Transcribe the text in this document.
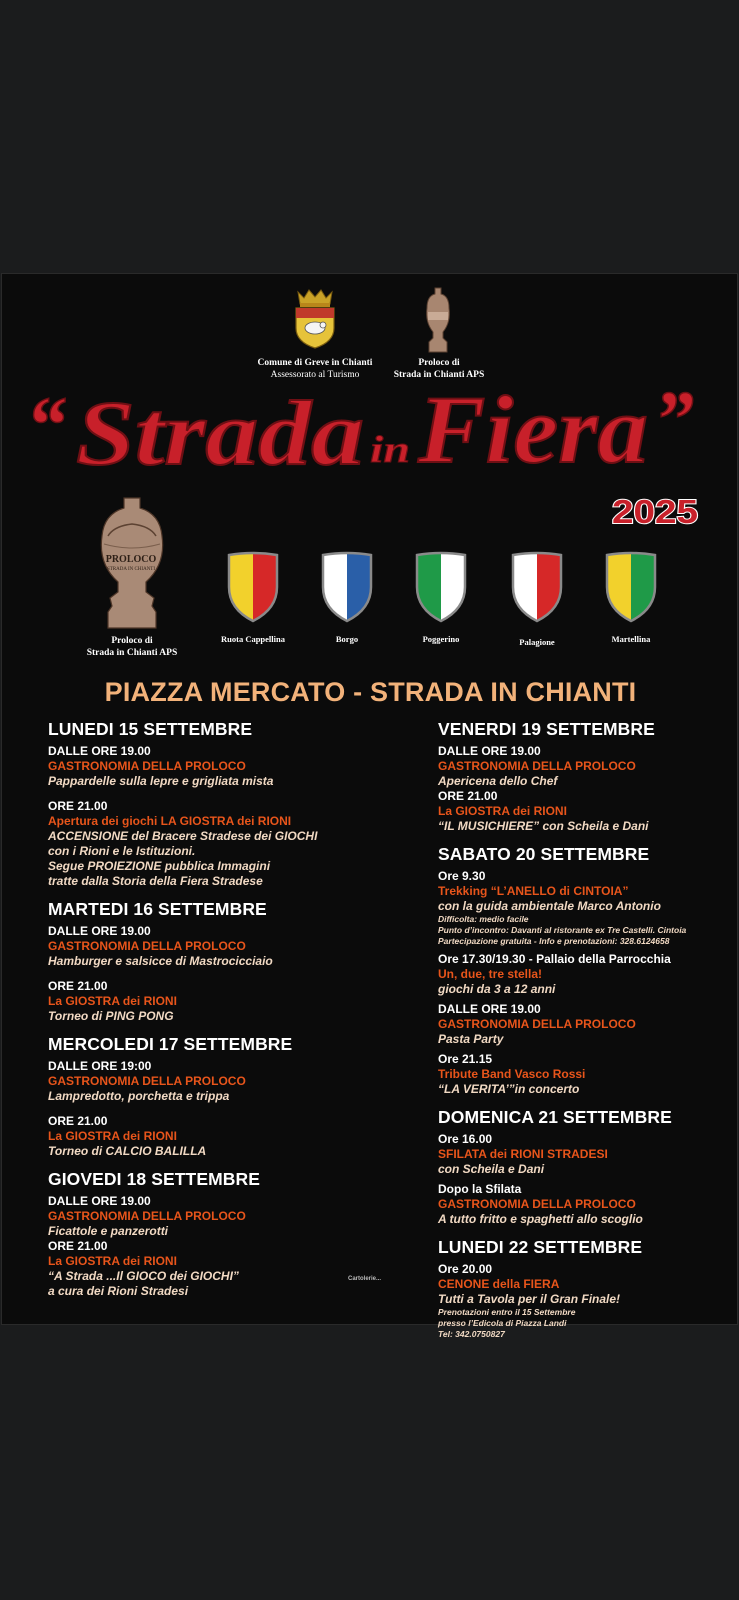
Comune di Greve in Chianti
Assessorato al Turismo
Proloco di
Strada in Chianti APS
“ Strada in Fiera ”
2025
PROLOCO
STRADA IN CHIANTI
Proloco di
Strada in Chianti APS
PIAZZA MERCATO - STRADA IN CHIANTI
LUNEDI 15 SETTEMBRE
DALLE ORE 19.00
GASTRONOMIA DELLA PROLOCO
Pappardelle sulla lepre e grigliata mista
ORE 21.00
Apertura dei giochi LA GIOSTRA dei RIONI
ACCENSIONE del Bracere Stradese dei GIOCHI
con i Rioni e le Istituzioni.
Segue PROIEZIONE pubblica Immagini
tratte dalla Storia della Fiera Stradese
MARTEDI 16 SETTEMBRE
DALLE ORE 19.00
GASTRONOMIA DELLA PROLOCO
Hamburger e salsicce di Mastrocicciaio
ORE 21.00
La GIOSTRA dei RIONI
Torneo di PING PONG
MERCOLEDI 17 SETTEMBRE
DALLE ORE 19:00
GASTRONOMIA DELLA PROLOCO
Lampredotto, porchetta e trippa
ORE 21.00
La GIOSTRA dei RIONI
Torneo di CALCIO BALILLA
GIOVEDI 18 SETTEMBRE
DALLE ORE 19.00
GASTRONOMIA DELLA PROLOCO
Ficattole e panzerotti
ORE 21.00
La GIOSTRA dei RIONI
“A Strada ...Il GIOCO dei GIOCHI”
a cura dei Rioni Stradesi
VENERDI 19 SETTEMBRE
DALLE ORE 19.00
GASTRONOMIA DELLA PROLOCO
Apericena dello Chef
ORE 21.00
La GIOSTRA dei RIONI
“IL MUSICHIERE” con Scheila e Dani
SABATO 20 SETTEMBRE
Ore 9.30
Trekking “L’ANELLO di CINTOIA”
con la guida ambientale Marco Antonio
Difficolta: medio facile
Punto d’incontro: Davanti al ristorante ex Tre Castelli. Cintoia
Partecipazione gratuita - Info e prenotazioni: 328.6124658
Ore 17.30/19.30 - Pallaio della Parrocchia
Un, due, tre stella!
giochi da 3 a 12 anni
DALLE ORE 19.00
GASTRONOMIA DELLA PROLOCO
Pasta Party
Ore 21.15
Tribute Band Vasco Rossi
“LA VERITA’”in concerto
DOMENICA 21 SETTEMBRE
Ore 16.00
SFILATA dei RIONI STRADESI
con Scheila e Dani
Dopo la Sfilata
GASTRONOMIA DELLA PROLOCO
A tutto fritto e spaghetti allo scoglio
LUNEDI 22 SETTEMBRE
Ore 20.00
CENONE della FIERA
Tutti a Tavola per il Gran Finale!
Prenotazioni entro il 15 Settembre
presso l’Edicola di Piazza Landi
Tel: 342.0750827
Cartolerie...
Ruota Cappellina	Borgo	Poggerino	Palagione	Martellina
